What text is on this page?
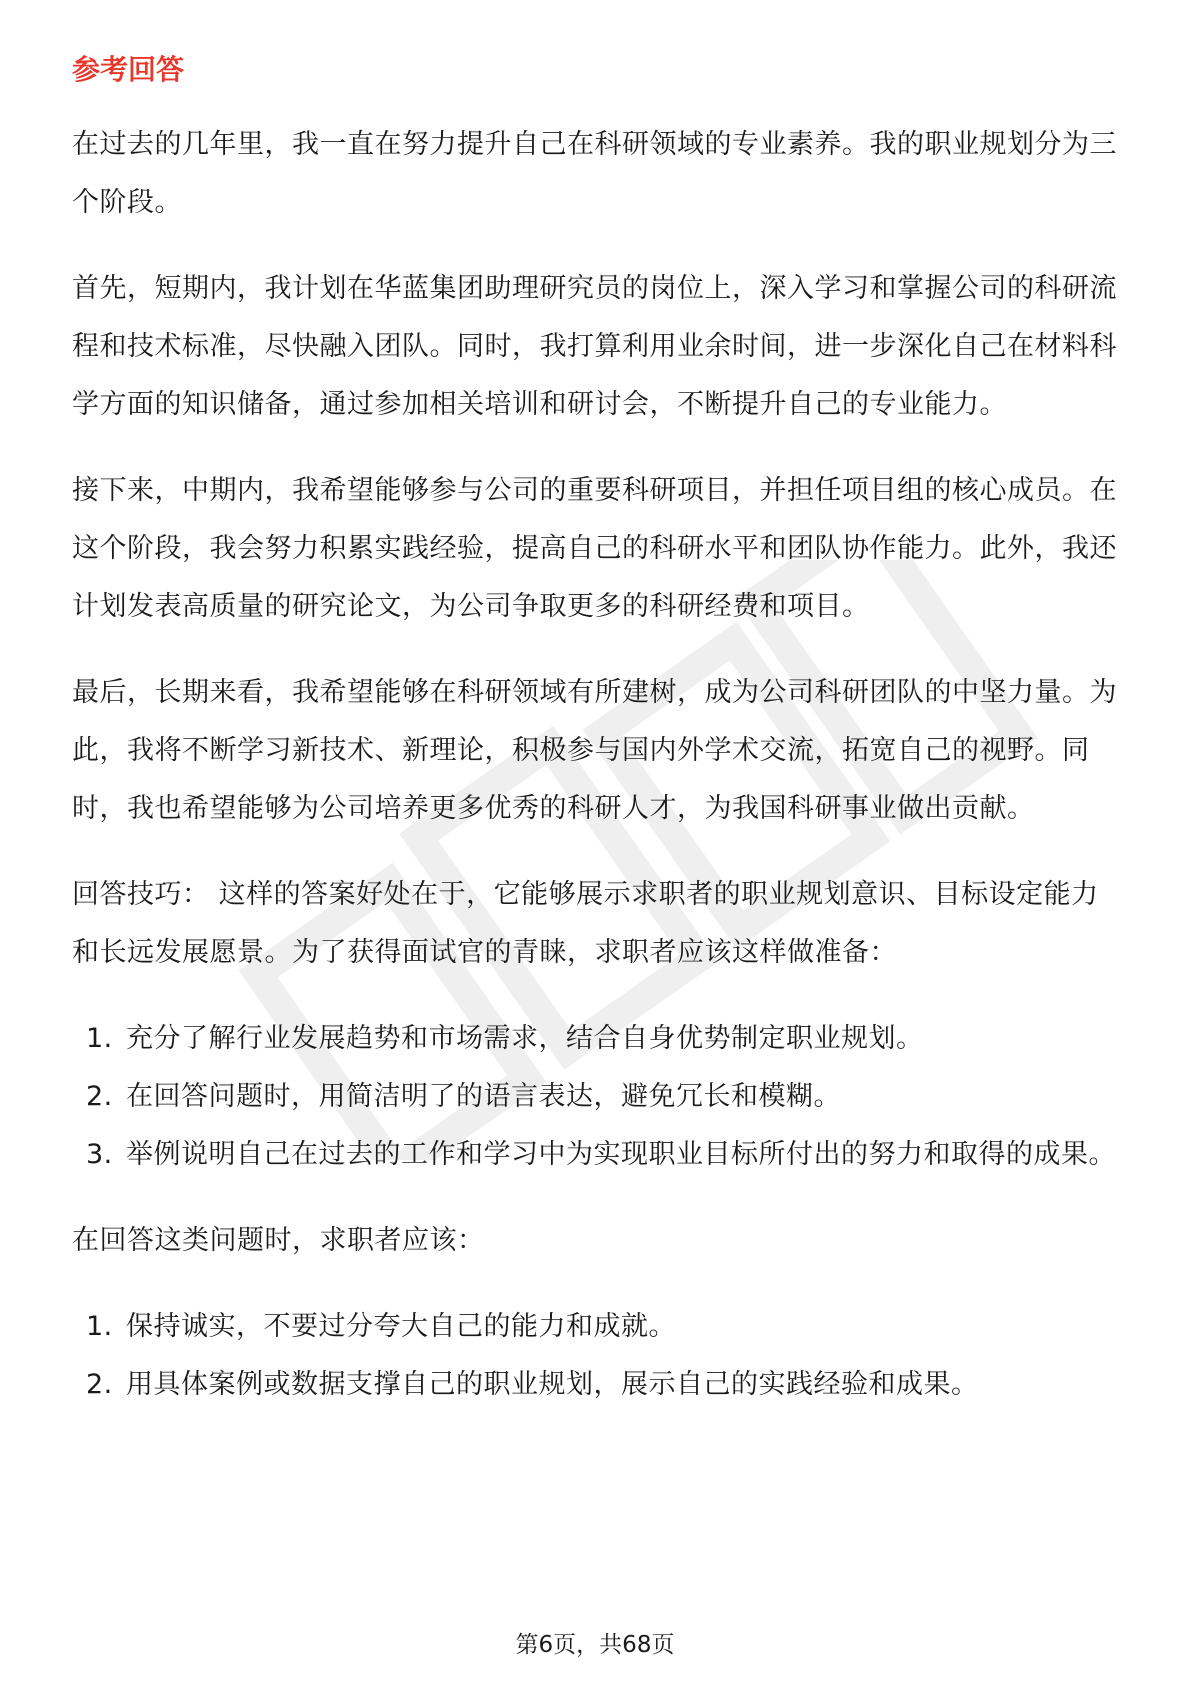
参考回答

在过去的几年里，我一直在努力提升自己在科研领域的专业素养。我的职业规划分为三个阶段。

首先，短期内，我计划在华蓝集团助理研究员的岗位上，深入学习和掌握公司的科研流程和技术标准，尽快融入团队。同时，我打算利用业余时间，进一步深化自己在材料科学方面的知识储备，通过参加相关培训和研讨会，不断提升自己的专业能力。

接下来，中期内，我希望能够参与公司的重要科研项目，并担任项目组的核心成员。在这个阶段，我会努力积累实践经验，提高自己的科研水平和团队协作能力。此外，我还计划发表高质量的研究论文，为公司争取更多的科研经费和项目。

最后，长期来看，我希望能够在科研领域有所建树，成为公司科研团队的中坚力量。为此，我将不断学习新技术、新理论，积极参与国内外学术交流，拓宽自己的视野。同时，我也希望能够为公司培养更多优秀的科研人才，为我国科研事业做出贡献。

回答技巧： 这样的答案好处在于，它能够展示求职者的职业规划意识、目标设定能力和长远发展愿景。为了获得面试官的青睐，求职者应该这样做准备：

1. 充分了解行业发展趋势和市场需求，结合自身优势制定职业规划。
2. 在回答问题时，用简洁明了的语言表达，避免冗长和模糊。
3. 举例说明自己在过去的工作和学习中为实现职业目标所付出的努力和取得的成果。

在回答这类问题时，求职者应该：

1. 保持诚实，不要过分夸大自己的能力和成就。
2. 用具体案例或数据支撑自己的职业规划，展示自己的实践经验和成果。
第6页，共68页
